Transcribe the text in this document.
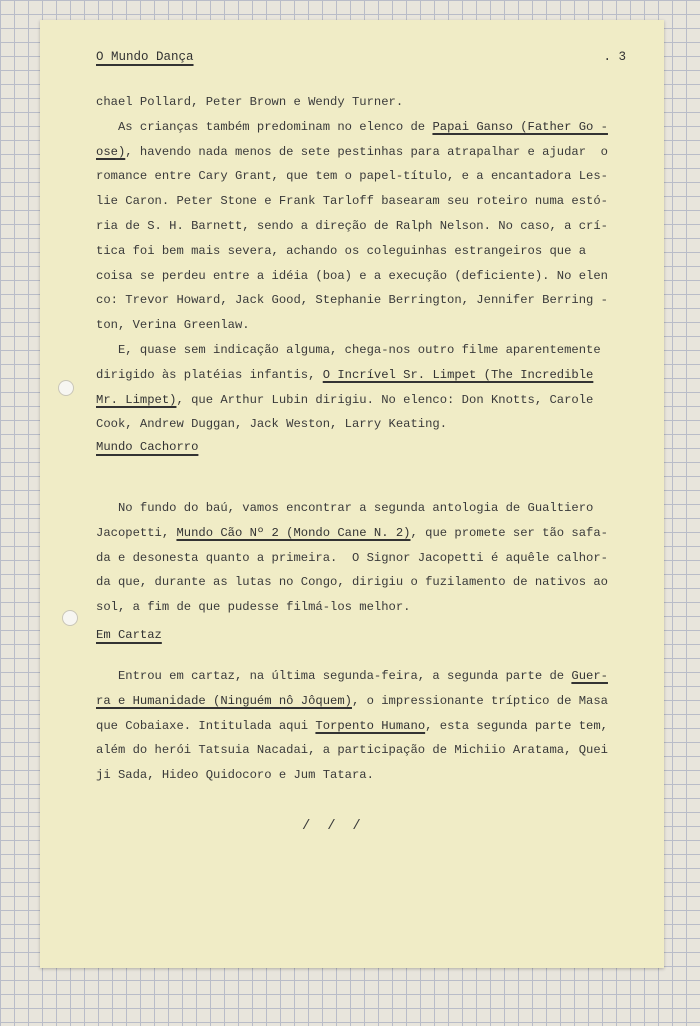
O Mundo Dança	. 3
chael Pollard, Peter Brown e Wendy Turner.
As crianças também predominam no elenco de Papai Ganso (Father Go -
ose), havendo nada menos de sete pestinhas para atrapalhar e ajudar  o
romance entre Cary Grant, que tem o papel-título, e a encantadora Les-
lie Caron. Peter Stone e Frank Tarloff basearam seu roteiro numa estó-
ria de S. H. Barnett, sendo a direção de Ralph Nelson. No caso, a crí-
tica foi bem mais severa, achando os coleguinhas estrangeiros que a
coisa se perdeu entre a idéia (boa) e a execução (deficiente). No elen
co: Trevor Howard, Jack Good, Stephanie Berrington, Jennifer Berring -
ton, Verina Greenlaw.
E, quase sem indicação alguma, chega-nos outro filme aparentemente
dirigido às platéias infantis, O Incrível Sr. Limpet (The Incredible
Mr. Limpet), que Arthur Lubin dirigiu. No elenco: Don Knotts, Carole
Cook, Andrew Duggan, Jack Weston, Larry Keating.
Mundo Cachorro
No fundo do baú, vamos encontrar a segunda antologia de Gualtiero
Jacopetti, Mundo Cão Nº 2 (Mondo Cane N. 2), que promete ser tão safa-
da e desonesta quanto a primeira.  O Signor Jacopetti é aquêle calhor-
da que, durante as lutas no Congo, dirigiu o fuzilamento de nativos ao
sol, a fim de que pudesse filmá-los melhor.
Em Cartaz
Entrou em cartaz, na última segunda-feira, a segunda parte de Guer-
ra e Humanidade (Ninguém nô Jôquem), o impressionante tríptico de Masa
que Cobaiaxe. Intitulada aqui Torpento Humano, esta segunda parte tem,
além do herói Tatsuia Nacadai, a participação de Michiio Aratama, Quei
ji Sada, Hideo Quidocoro e Jum Tatara.
/  /  /
